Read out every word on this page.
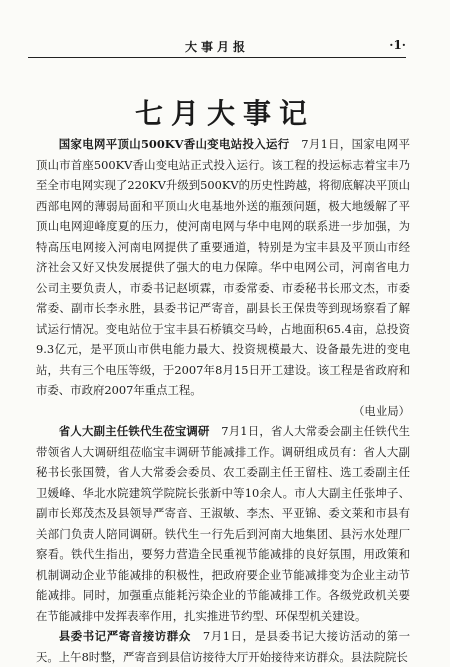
大事月报	·1·
七月大事记

国家电网平顶山500KV香山变电站投入运行　 7月1日，国家电网平顶山市首座500KV香山变电站正式投入运行。该工程的投运标志着宝丰乃至全市电网实现了220KV升级到500KV的历史性跨越，将彻底解决平顶山西部电网的薄弱局面和平顶山火电基地外送的瓶颈问题，极大地缓解了平顶山电网迎峰度夏的压力，使河南电网与华中电网的联系进一步加强，为特高压电网接入河南电网提供了重要通道，特别是为宝丰县及平顶山市经济社会又好又快发展提供了强大的电力保障。华中电网公司，河南省电力公司主要负责人，市委书记赵顷霖，市委常委、市委秘书长邢文杰，市委常委、副市长李永胜，县委书记严寄音，副县长王保贵等到现场察看了解试运行情况。变电站位于宝丰县石桥镇交马岭，占地面积65.4亩，总投资9.3亿元，是平顶山市供电能力最大、投资规模最大、设备最先进的变电站，共有三个电压等级，于2007年8月15日开工建设。该工程是省政府和市委、市政府2007年重点工程。
（电业局）

省人大副主任铁代生莅宝调研　 7月1日，省人大常委会副主任铁代生带领省人大调研组莅临宝丰调研节能减排工作。调研组成员有：省人大副秘书长张国赞，省人大常委会委员、农工委副主任王留柱、选工委副主任卫媛峰、华北水院建筑学院院长张新中等10余人。市人大副主任张坤子、副市长郑茂杰及县领导严寄音、王淑敏、李杰、平亚锦、委文莱和市县有关部门负责人陪同调研。铁代生一行先后到河南大地集团、县污水处理厂察看。铁代生指出，要努力营造全民重视节能减排的良好氛围，用政策和机制调动企业节能减排的积极性，把政府要企业节能减排变为企业主动节能减排。同时，加强重点能耗污染企业的节能减排工作。各级党政机关要在节能减排中发挥表率作用，扎实推进节约型、环保型机关建设。

县委书记严寄音接访群众　 7月1日，是县委书记大接访活动的第一天。上午8时整，严寄音到县信访接待大厅开始接待来访群众。县法院院长
